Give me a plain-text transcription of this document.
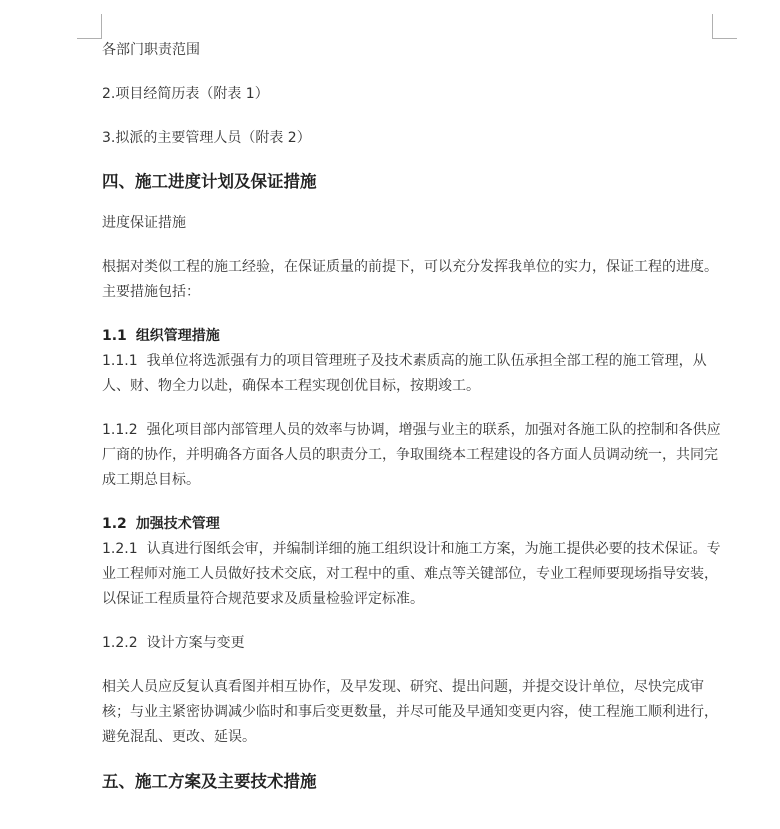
各部门职责范围

2.项目经简历表（附表 1）

3.拟派的主要管理人员（附表 2）

四、施工进度计划及保证措施

进度保证措施

根据对类似工程的施工经验，在保证质量的前提下，可以充分发挥我单位的实力，保证工程的进度。主要措施包括：

1.1 组织管理措施

1.1.1 我单位将选派强有力的项目管理班子及技术素质高的施工队伍承担全部工程的施工管理，从人、财、物全力以赴，确保本工程实现创优目标，按期竣工。

1.1.2 强化项目部内部管理人员的效率与协调，增强与业主的联系，加强对各施工队的控制和各供应厂商的协作，并明确各方面各人员的职责分工，争取围绕本工程建设的各方面人员调动统一，共同完成工期总目标。

1.2 加强技术管理

1.2.1 认真进行图纸会审，并编制详细的施工组织设计和施工方案，为施工提供必要的技术保证。专业工程师对施工人员做好技术交底，对工程中的重、难点等关键部位，专业工程师要现场指导安装，以保证工程质量符合规范要求及质量检验评定标准。

1.2.2 设计方案与变更

相关人员应反复认真看图并相互协作，及早发现、研究、提出问题，并提交设计单位，尽快完成审核；与业主紧密协调减少临时和事后变更数量，并尽可能及早通知变更内容，使工程施工顺利进行，避免混乱、更改、延误。

五、施工方案及主要技术措施
